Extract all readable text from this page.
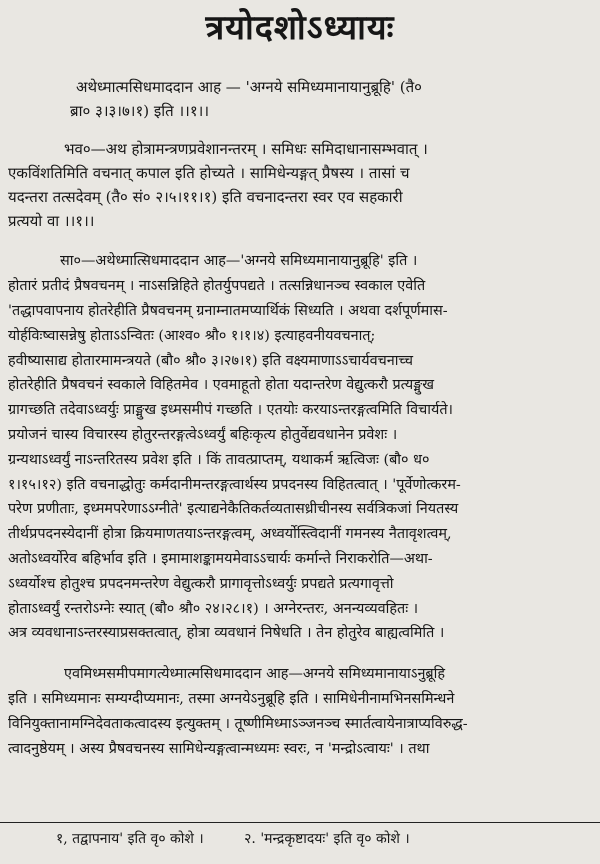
त्रयोदशोऽध्यायः
अथेध्मात्मसिधमाददान आह — 'अग्नये समिध्यमानायानुब्रूहि' (तै०
ब्रा० ३।३।७।१) इति ।।१।।
भव०—अथ होत्रामन्त्रणप्रवेशानन्तरम् । समिधः समिदाधानासम्भवात् ।
एकविंशतिमिति वचनात् कपाल इति होच्यते । सामिधेन्यङ्गत् प्रैषस्य । तासां च
यदन्तरा तत्सदेवम् (तै० सं० २।५।११।१) इति वचनादन्तरा स्वर एव सहकारी
प्रत्ययो वा ।।१।।
सा०—अथेध्मात्सिधमाददान आह—'अग्नये समिध्यमानायानुब्रूहि' इति ।
होतारं प्रतीदं प्रैषवचनम् । नाऽसन्निहिते होतर्युपपद्यते । तत्सन्निधानञ्च स्वकाल एवेति
'तद्धापवापनाय होतरेहीति प्रैषवचनम् ग्रनाम्नातमप्यार्थिकं सिध्यति । अथवा दर्शपूर्णमास-
योर्हविःष्वासन्नेषु होताऽऽन्वितः (आश्व० श्रौ० १।१।४) इत्याहवनीयवचनात्;
हवीष्यासाद्य होतारमामन्त्रयते (बौ० श्रौ० ३।२७।१) इति वक्ष्यमाणाऽऽचार्यवचनाच्च
होतरेहीति प्रैषवचनं स्वकाले विहितमेव । एवमाहूतो होता यदान्तरेण वेद्युत्करौ प्रत्यङ्मुख
ग्रागच्छति तदेवाऽध्वर्युः प्राङ्मुख इध्मसमीपं गच्छति । एतयोः करयाऽन्तरङ्गत्वमिति विचार्यते।
प्रयोजनं चास्य विचारस्य होतुरन्तरङ्गत्वेऽध्वर्युं बहिःकृत्य होतुर्वेद्यवधानेन प्रवेशः ।
ग्रन्यथाऽध्वर्युं नाऽन्तरितस्य प्रवेश इति । किं तावत्प्राप्तम्, यथाकर्म ऋत्विजः (बौ० ध०
१।१५।१२) इति वचनाद्धोतुः कर्मदानीमन्तरङ्गत्वार्थस्य प्रपदनस्य विहितत्वात् । 'पूर्वेणोत्करम-
परेण प्रणीताः, इध्ममपरेणाऽऽग्नीते' इत्याद्यनेकैतिकर्तव्यतासध्रीचीनस्य सर्वत्रिकजां नियतस्य
तीर्थप्रपदनस्येदानीं होत्रा क्रियमाणतयाऽन्तरङ्गत्वम्, अध्वर्योस्त्विदानीं गमनस्य नैतावृशत्वम्,
अतोऽध्वर्योरेव बहिर्भाव इति । इमामाशङ्कामयमेवाऽऽचार्यः कर्मान्ते निराकरोति—अथा-
ऽध्वर्योश्च होतुश्च प्रपदनमन्तरेण वेद्युत्करौ प्रागावृत्तोऽध्वर्युः प्रपद्यते प्रत्यगावृत्तो
होताऽध्वर्युं रन्तरोऽग्नेः स्यात् (बौ० श्रौ० २४।२८।१) । अग्नेरन्तरः, अनन्यव्यवहितः ।
अत्र व्यवधानाऽन्तरस्याप्रसक्तत्वात्, होत्रा व्यवधानं निषेधति । तेन होतुरेव बाह्यत्वमिति ।
एवमिध्मसमीपमागत्येध्मात्मसिधमाददान आह—अग्नये समिध्यमानायाऽनुब्रूहि
इति । समिध्यमानः सम्यग्दीप्यमानः, तस्मा अग्नयेऽनुब्रूहि इति । सामिधेनीनामभिनसमिन्धने
विनियुक्तानामग्निदेवताकत्वादस्य इत्युक्तम् । तूष्णीमिध्माऽञ्जनञ्च स्मार्तत्वायेनात्राप्यविरुद्ध-
त्वादनुष्ठेयम् । अस्य प्रैषवचनस्य सामिधेन्यङ्गत्वान्मध्यमः स्वरः, न 'मन्द्रोऽत्वायः' । तथा
१, तद्वापनाय' इति वृ० कोशे ।	२. 'मन्द्रकृष्टादयः' इति वृ० कोशे ।
